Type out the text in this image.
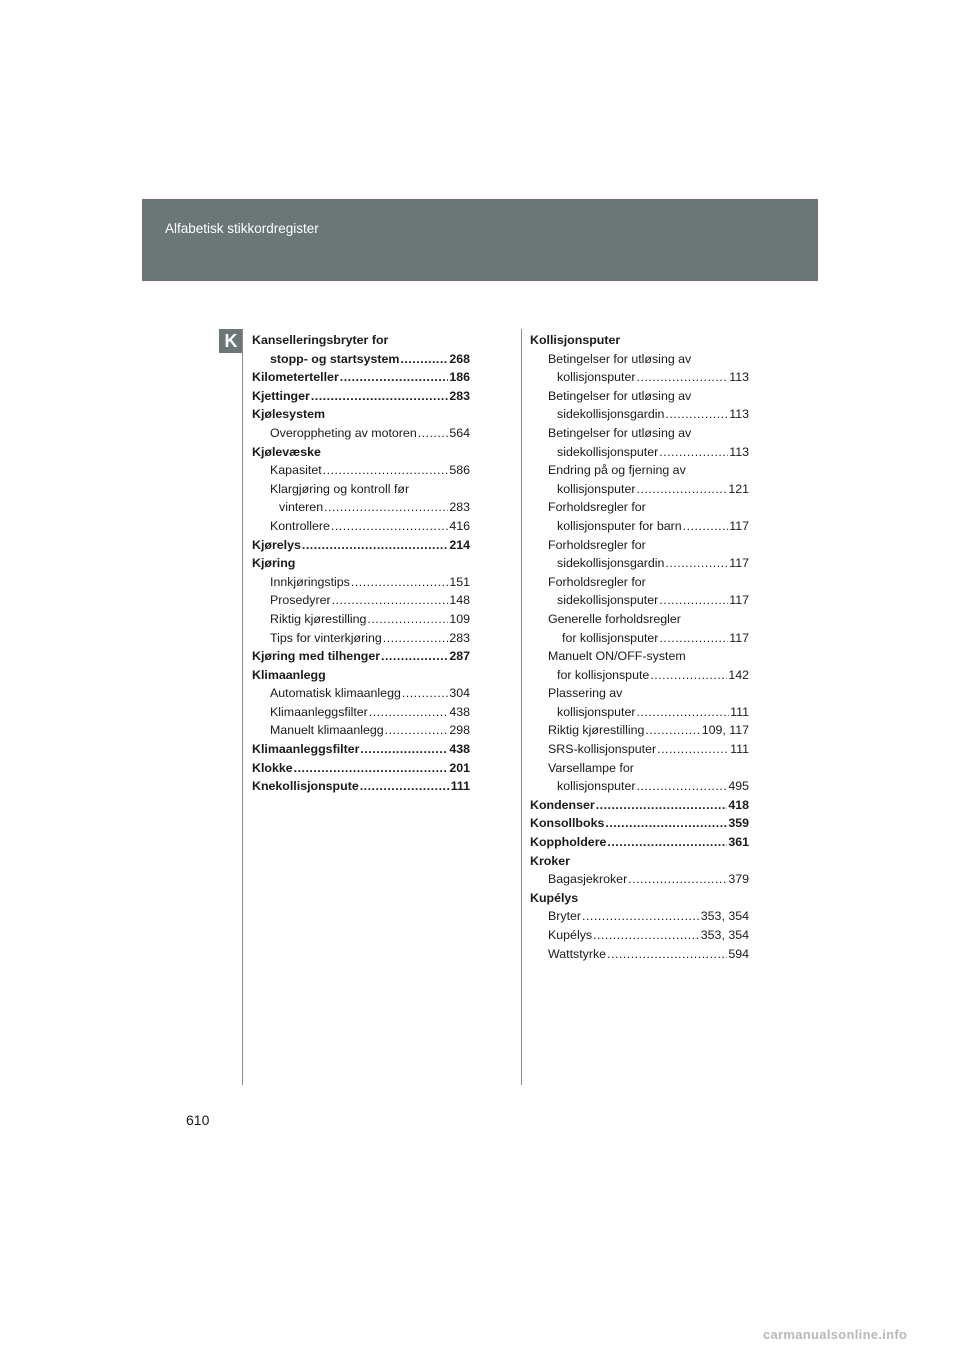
Alfabetisk stikkordregister
K	Kanselleringsbryter for
stopp- og startsystem .....	268
Kilometerteller .....	186
Kjettinger .....	283
Kjølesystem
Overoppheting av motoren .....	564
Kjølevæske
Kapasitet .....	586
Klargjøring og kontroll før
vinteren .....	283
Kontrollere .....	416
Kjørelys .....	214
Kjøring
Innkjøringstips .....	151
Prosedyrer .....	148
Riktig kjørestilling .....	109
Tips for vinterkjøring .....	283
Kjøring med tilhenger .....	287
Klimaanlegg
Automatisk klimaanlegg .....	304
Klimaanleggsfilter .....	438
Manuelt klimaanlegg .....	298
Klimaanleggsfilter .....	438
Klokke .....	201
Knekollisjonspute .....	111
Kollisjonsputer
Betingelser for utløsing av
kollisjonsputer .....	113
Betingelser for utløsing av
sidekollisjonsgardin .....	113
Betingelser for utløsing av
sidekollisjonsputer .....	113
Endring på og fjerning av
kollisjonsputer .....	121
Forholdsregler for
kollisjonsputer for barn .....	117
Forholdsregler for
sidekollisjonsgardin .....	117
Forholdsregler for
sidekollisjonsputer .....	117
Generelle forholdsregler
for kollisjonsputer .....	117
Manuelt ON/OFF-system
for kollisjonspute .....	142
Plassering av
kollisjonsputer .....	111
Riktig kjørestilling .....	109, 117
SRS-kollisjonsputer .....	111
Varsellampe for
kollisjonsputer .....	495
Kondenser .....	418
Konsollboks .....	359
Koppholdere .....	361
Kroker
Bagasjekroker .....	379
Kupélys
Bryter .....	353, 354
Kupélys .....	353, 354
Wattstyrke .....	594
610
carmanualsonline.info
